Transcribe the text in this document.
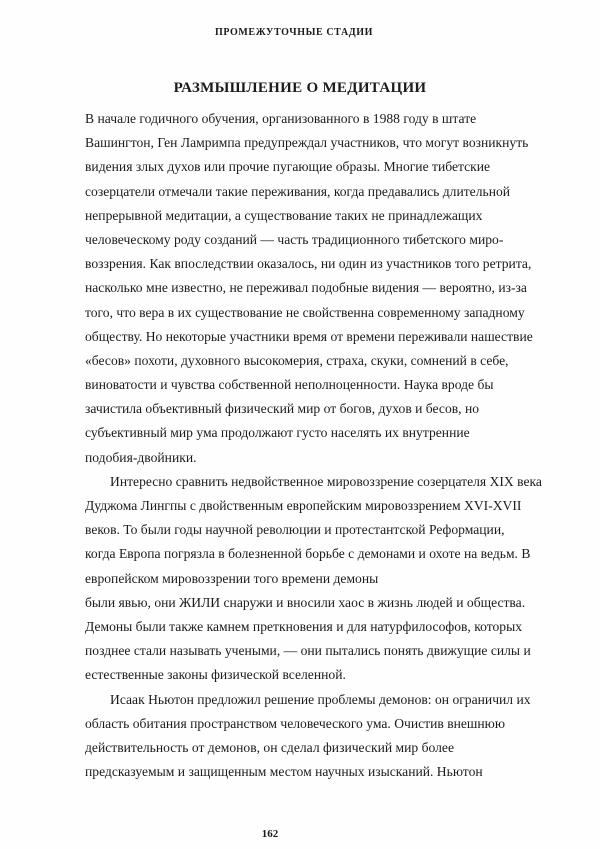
ПРОМЕЖУТОЧНЫЕ СТАДИИ
РАЗМЫШЛЕНИЕ О МЕДИТАЦИИ
В начале годичного обучения, организованного в 1988 году в штате
Вашингтон, Ген Ламримпа предупреждал участников, что могут возникнуть
видения злых духов или прочие пугающие образы. Многие тибетские
созерцатели отмечали такие переживания, когда предавались длительной
непрерывной медитации, а существование таких не принадлежащих
человеческому роду созданий — часть традиционного тибетского миро-
воззрения. Как впоследствии оказалось, ни один из участников того ретрита,
насколько мне известно, не переживал подобные видения — вероятно, из-за
того, что вера в их существование не свойственна современному западному
обществу. Но некоторые участники время от времени переживали нашествие
«бесов» похоти, духовного высокомерия, страха, скуки, сомнений в себе,
виноватости и чувства собственной неполноценности. Наука вроде бы
зачистила объективный физический мир от богов, духов и бесов, но
субъективный мир ума продолжают густо населять их внутренние
подобия-двойники.
Интересно сравнить недвойственное мировоззрение созерцателя XIX века
Дуджома Лингпы с двойственным европейским мировоззрением XVI-XVII
веков. То были годы научной революции и протестантской Реформации,
когда Европа погрязла в болезненной борьбе с демонами и охоте на ведьм. В
европейском мировоззрении того времени демоны
были явью, они ЖИЛИ снаружи и вносили хаос в жизнь людей и общества.
Демоны были также камнем преткновения и для натурфилософов, которых
позднее стали называть учеными, — они пытались понять движущие силы и
естественные законы физической вселенной.
Исаак Ньютон предложил решение проблемы демонов: он ограничил их
область обитания пространством человеческого ума. Очистив внешнюю
действительность от демонов, он сделал физический мир более
предсказуемым и защищенным местом научных изысканий. Ньютон
162
